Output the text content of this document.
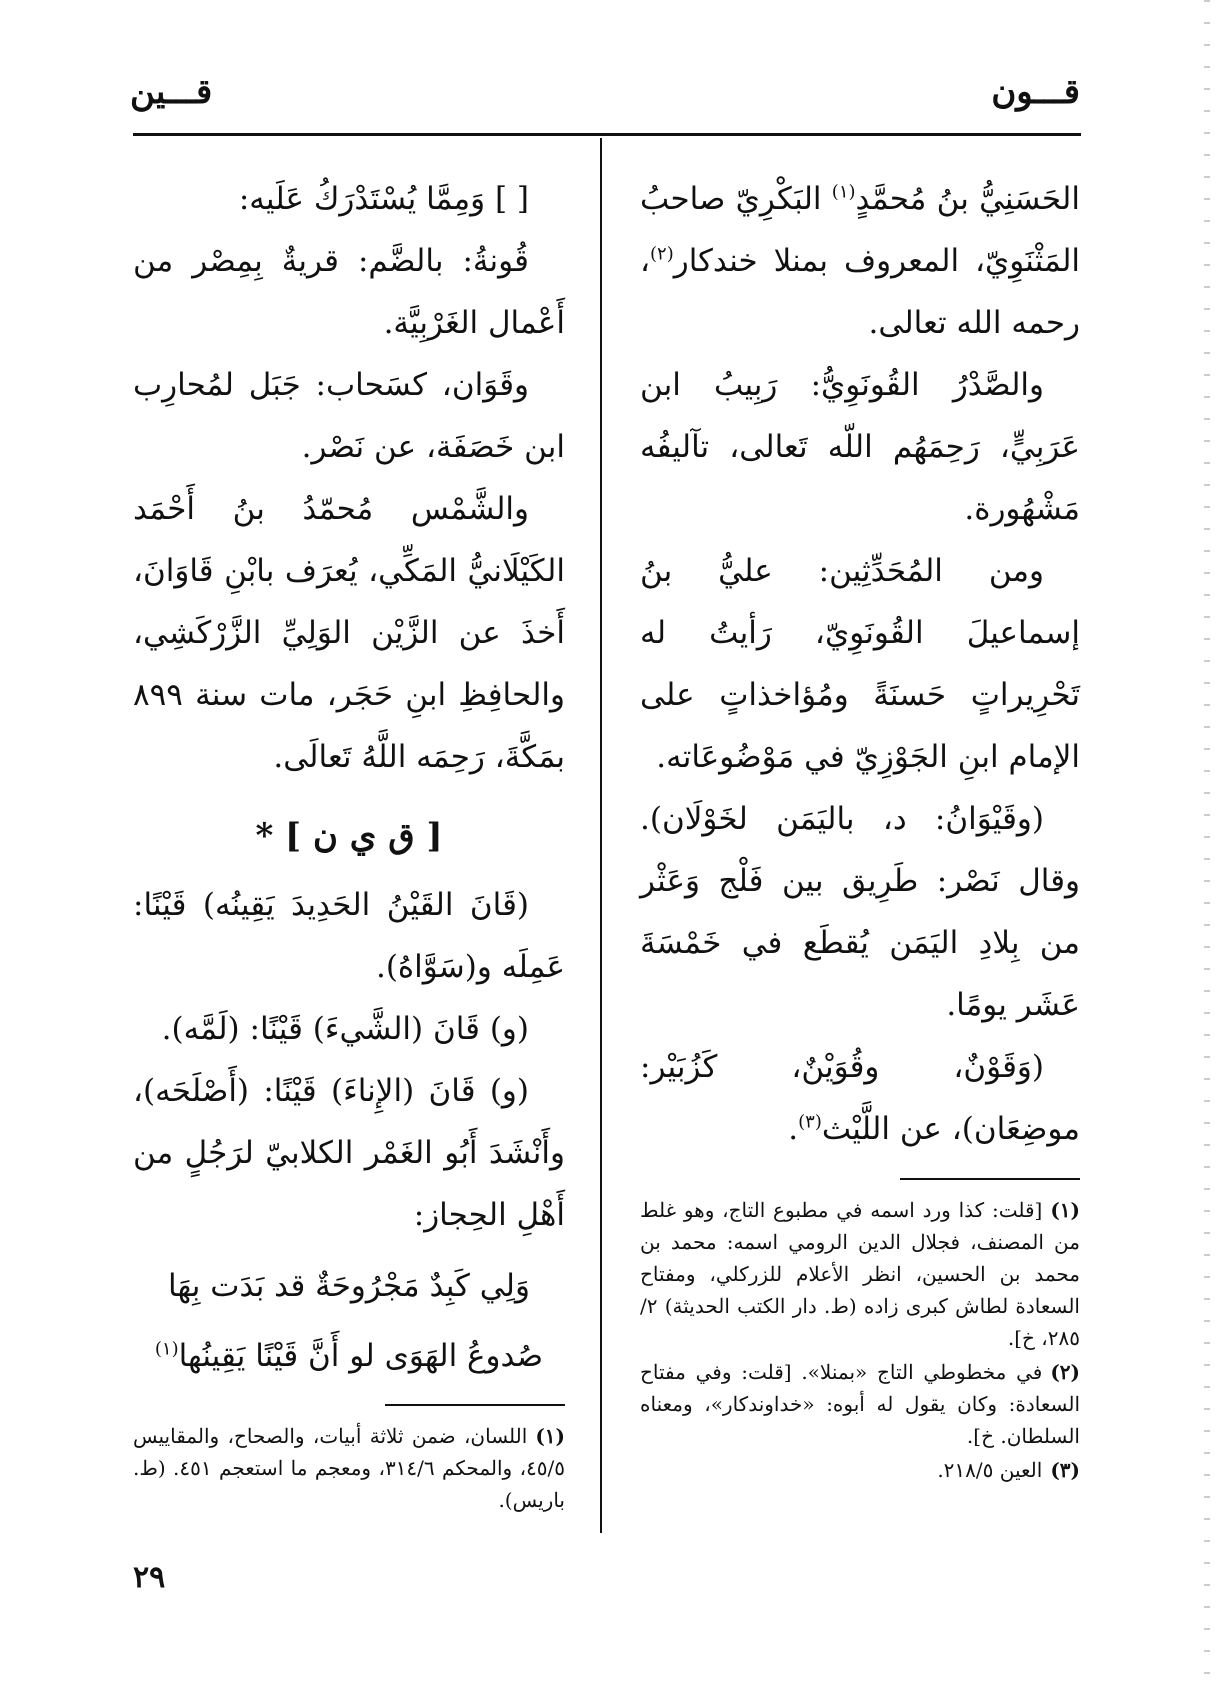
قـــون
قـــين

الحَسَنِيُّ بنُ مُحمَّدٍ$^{(١)}$ البَكْرِيّ صاحبُ المَثْنَوِيّ، المعروف بمنلا خندكار$^{(٢)}$، رحمه الله تعالى.

والصَّدْرُ القُونَوِيُّ: رَبِيبُ ابن عَرَبِيٍّ، رَحِمَهُم اللّه تَعالى، تآليفُه مَشْهُورة.

ومن المُحَدِّثِين: عليُّ بنُ إسماعيلَ القُونَوِيّ، رَأيتُ له تَحْرِيراتٍ حَسنَةً ومُؤاخذاتٍ على الإمام ابنِ الجَوْزِيّ في مَوْضُوعَاته.

(وقَيْوَانُ: د، باليَمَن لخَوْلَان). وقال نَصْر: طَرِيق بين فَلْج وَعَثْر من بِلادِ اليَمَن يُقطَع في خَمْسَةَ عَشَر يومًا.

(وَقَوْنٌ، وقُوَيْنٌ، كَزُبَيْر: موضِعَان)، عن اللَّيْث$^{(٣)}$.

(١)[قلت: كذا ورد اسمه في مطبوع التاج، وهو غلط من المصنف، فجلال الدين الرومي اسمه: محمد بن محمد بن الحسين، انظر الأعلام للزركلي، ومفتاح السعادة لطاش كبرى زاده (ط. دار الكتب الحديثة) ٢/ ٢٨٥، خ].

(٢)في مخطوطي التاج «بمنلا». [قلت: وفي مفتاح السعادة: وكان يقول له أبوه: «خداوندكار»، ومعناه السلطان. خ].

(٣)العين ٢١٨/٥.

[ ] وَمِمَّا يُسْتَدْرَكُ عَلَيه:

قُونةُ: بالضَّم: قريةٌ بِمِصْر من أَعْمال الغَرْبِيَّة.

وقَوَان، كسَحاب: جَبَل لمُحارِب ابن خَصَفَة، عن نَصْر.

والشَّمْس مُحمّدُ بنُ أَحْمَد الكَيْلَانيُّ المَكِّي، يُعرَف بابْنِ قَاوَانَ، أَخذَ عن الزَّيْن الوَلِيِّ الزَّرْكَشِي، والحافِظِ ابنِ حَجَر، مات سنة ٨٩٩ بمَكَّةَ، رَحِمَه اللَّهُ تَعالَى.

[ ق ي ن ] *

(قَانَ القَيْنُ الحَدِيدَ يَقِينُه) قَيْنًا: عَمِلَه و(سَوَّاهُ).

(و) قَانَ (الشَّيءَ) قَيْنًا: (لَمَّه).

(و) قَانَ (الإِناءَ) قَيْنًا: (أَصْلَحَه)، وأَنْشَدَ أَبُو الغَمْر الكلابيّ لرَجُلٍ من أَهْلِ الحِجاز:

وَلِي كَبِدٌ مَجْرُوحَةٌ قد بَدَت بِهَا

صُدوعُ الهَوَى لو أَنَّ قَيْنًا يَقِينُها$^{(١)}$

(١)اللسان، ضمن ثلاثة أبيات، والصحاح، والمقاييس ٤٥/٥، والمحكم ٣١٤/٦، ومعجم ما استعجم ٤٥١. (ط. باريس).

٢٩
